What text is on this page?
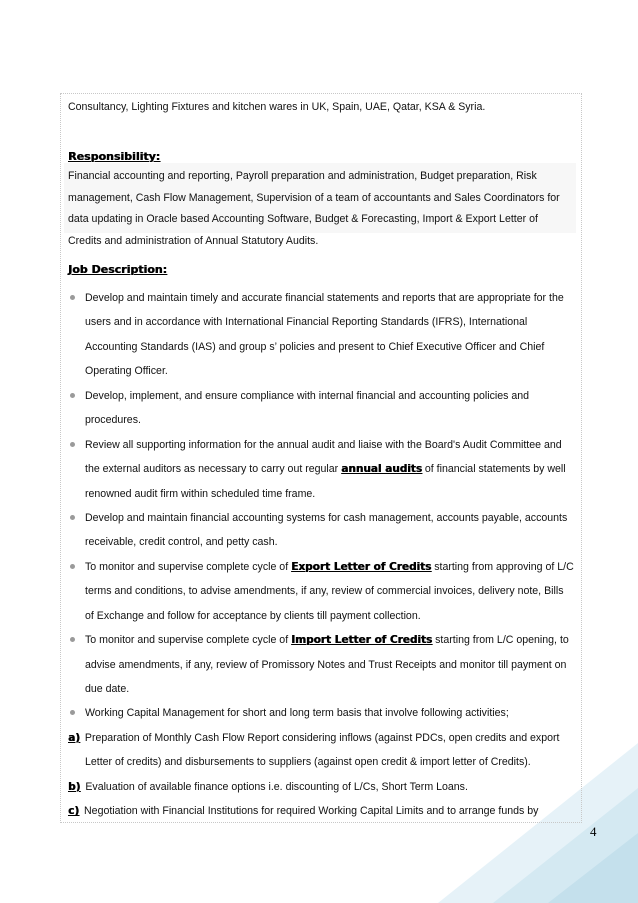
Consultancy, Lighting Fixtures and kitchen wares in UK, Spain, UAE, Qatar, KSA & Syria.
Responsibility:
Financial accounting and reporting, Payroll preparation and administration, Budget preparation, Risk
management, Cash Flow Management, Supervision of a team of accountants and Sales Coordinators for
data updating in Oracle based Accounting Software, Budget & Forecasting, Import & Export Letter of
Credits and administration of Annual Statutory Audits.
Job Description:
Develop and maintain timely and accurate financial statements and reports that are appropriate for the
users and in accordance with International Financial Reporting Standards (IFRS), International
Accounting Standards (IAS) and group s’ policies and present to Chief Executive Officer and Chief
Operating Officer.
Develop, implement, and ensure compliance with internal financial and accounting policies and
procedures.
Review all supporting information for the annual audit and liaise with the Board's Audit Committee and
the external auditors as necessary to carry out regular annual audits of financial statements by well
renowned audit firm within scheduled time frame.
Develop and maintain financial accounting systems for cash management, accounts payable, accounts
receivable, credit control, and petty cash.
To monitor and supervise complete cycle of Export Letter of Credits starting from approving of L/C
terms and conditions, to advise amendments, if any, review of commercial invoices, delivery note, Bills
of Exchange and follow for acceptance by clients till payment collection.
To monitor and supervise complete cycle of Import Letter of Credits starting from L/C opening, to
advise amendments, if any, review of Promissory Notes and Trust Receipts and monitor till payment on
due date.
Working Capital Management for short and long term basis that involve following activities;
a) Preparation of Monthly Cash Flow Report considering inflows (against PDCs, open credits and export
Letter of credits) and disbursements to suppliers (against open credit & import letter of Credits).
b) Evaluation of available finance options i.e. discounting of L/Cs, Short Term Loans.
c) Negotiation with Financial Institutions for required Working Capital Limits and to arrange funds by
4
